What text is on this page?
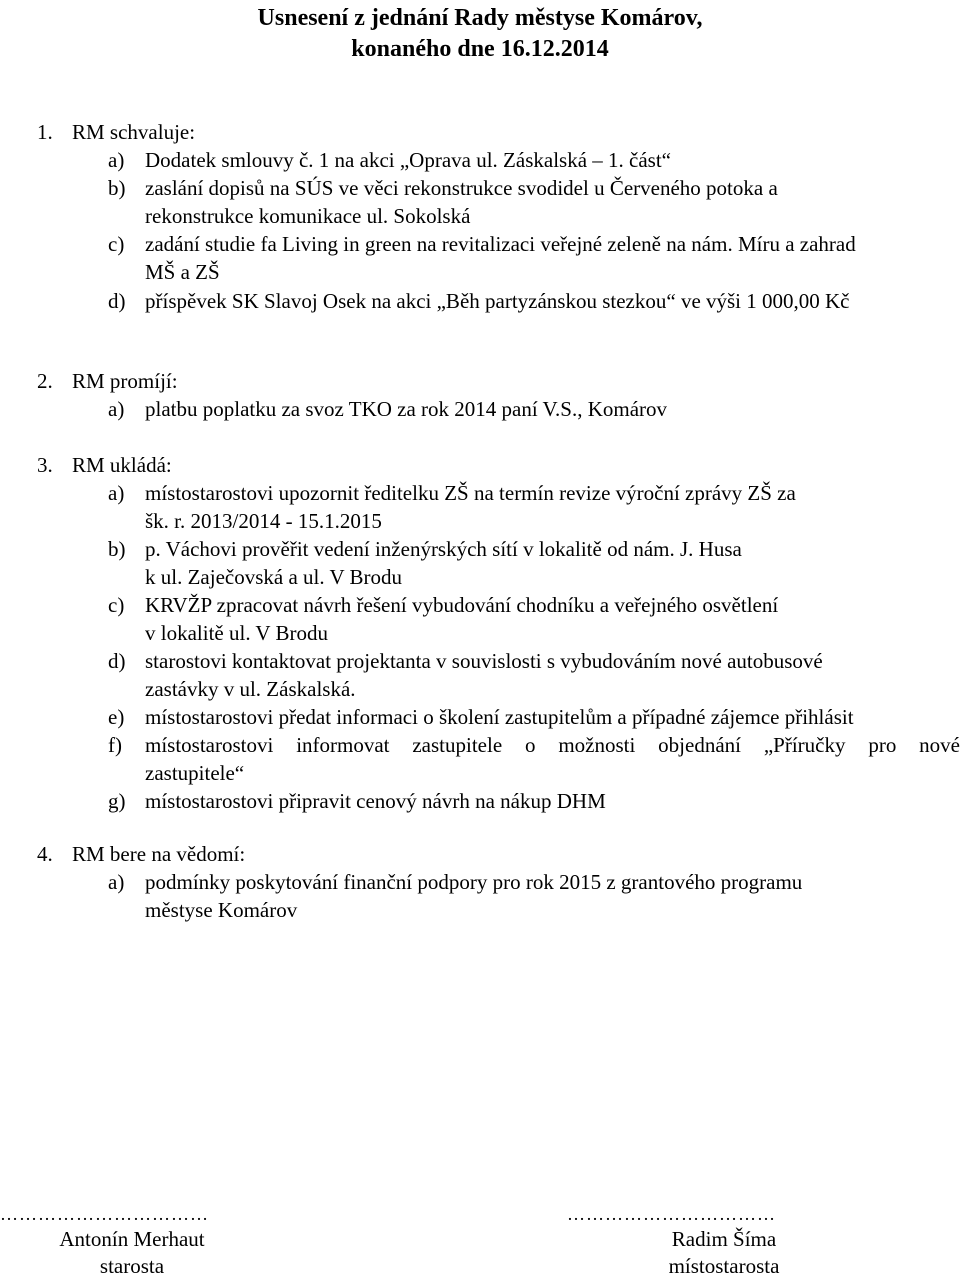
Usnesení z jednání Rady městyse Komárov,
konaného dne 16.12.2014
1. RM schvaluje:
a) Dodatek smlouvy č. 1 na akci „Oprava ul. Záskalská – 1. část“
b) zaslání dopisů na SÚS ve věci rekonstrukce svodidel u Červeného potoka a
rekonstrukce komunikace ul. Sokolská
c) zadání studie fa Living in green na revitalizaci veřejné zeleně na nám. Míru a zahrad
MŠ a ZŠ
d) příspěvek SK Slavoj Osek na akci „Běh partyzánskou stezkou“ ve výši 1 000,00 Kč
2. RM promíjí:
a) platbu poplatku za svoz TKO za rok 2014 paní V.S., Komárov
3. RM ukládá:
a) místostarostovi upozornit ředitelku ZŠ na termín revize výroční zprávy ZŠ za
šk. r. 2013/2014 - 15.1.2015
b) p. Váchovi prověřit vedení inženýrských sítí v lokalitě od nám. J. Husa
k ul. Zaječovská a ul. V Brodu
c) KRVŽP zpracovat návrh řešení vybudování chodníku a veřejného osvětlení
v lokalitě ul. V Brodu
d) starostovi kontaktovat projektanta v souvislosti s vybudováním nové autobusové
zastávky v ul. Záskalská.
e) místostarostovi předat informaci o školení zastupitelům a případné zájemce přihlásit
f) místostarostovi informovat zastupitele o možnosti objednání „Příručky pro nové
zastupitele“
g) místostarostovi připravit cenový návrh na nákup DHM
4. RM bere na vědomí:
a) podmínky poskytování finanční podpory pro rok 2015 z grantového programu
městyse Komárov
……………………………
Antonín Merhaut
starosta
……………………………
Radim Šíma
místostarosta
